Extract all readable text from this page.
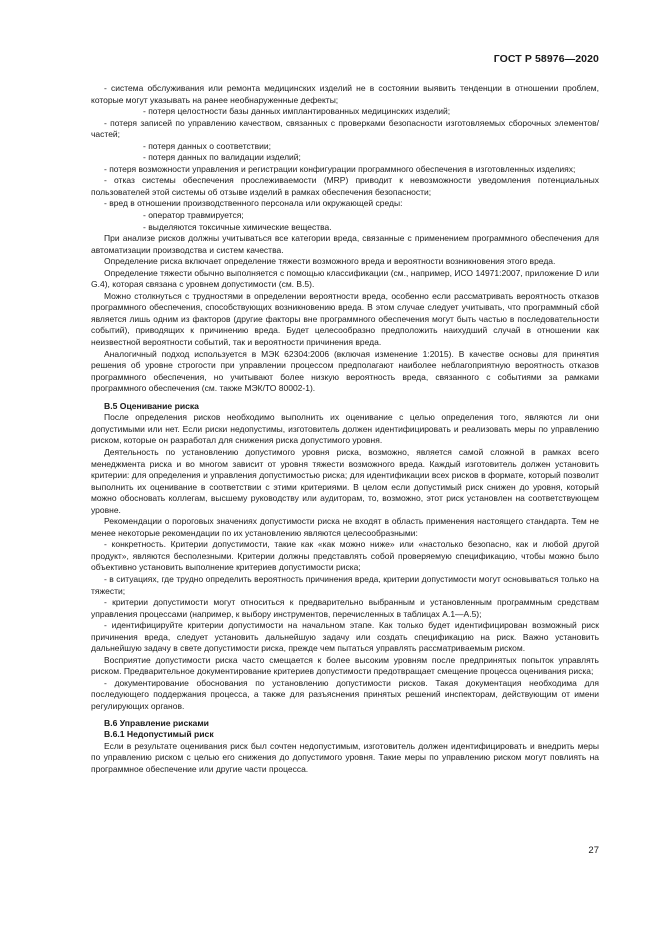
ГОСТ Р 58976—2020

- система обслуживания или ремонта медицинских изделий не в состоянии выявить тенденции в отношении проблем, которые могут указывать на ранее необнаруженные дефекты;

- потеря целостности базы данных имплантированных медицинских изделий;

- потеря записей по управлению качеством, связанных с проверками безопасности изготовляемых сборочных элементов/частей;

- потеря данных о соответствии;

- потеря данных по валидации изделий;

- потеря возможности управления и регистрации конфигурации программного обеспечения в изготовленных изделиях;

- отказ системы обеспечения прослеживаемости (MRP) приводит к невозможности уведомления потенциальных пользователей этой системы об отзыве изделий в рамках обеспечения безопасности;

- вред в отношении производственного персонала или окружающей среды:

- оператор травмируется;

- выделяются токсичные химические вещества.

При анализе рисков должны учитываться все категории вреда, связанные с применением программного обеспечения для автоматизации производства и систем качества.

Определение риска включает определение тяжести возможного вреда и вероятности возникновения этого вреда.

Определение тяжести обычно выполняется с помощью классификации (см., например, ИСО 14971:2007, приложение D или G.4), которая связана с уровнем допустимости (см. В.5).

Можно столкнуться с трудностями в определении вероятности вреда, особенно если рассматривать вероятность отказов программного обеспечения, способствующих возникновению вреда. В этом случае следует учитывать, что программный сбой является лишь одним из факторов (другие факторы вне программного обеспечения могут быть частью в последовательности событий), приводящих к причинению вреда. Будет целесообразно предположить наихудший случай в отношении как неизвестной вероятности событий, так и вероятности причинения вреда.

Аналогичный подход используется в МЭК 62304:2006 (включая изменение 1:2015). В качестве основы для принятия решения об уровне строгости при управлении процессом предполагают наиболее неблагоприятную вероятность отказов программного обеспечения, но учитывают более низкую вероятность вреда, связанного с событиями за рамками программного обеспечения (см. также МЭК/ТО 80002-1).

В.5 Оценивание риска

После определения рисков необходимо выполнить их оценивание с целью определения того, являются ли они допустимыми или нет. Если риски недопустимы, изготовитель должен идентифицировать и реализовать меры по управлению риском, которые он разработал для снижения риска допустимого уровня.

Деятельность по установлению допустимого уровня риска, возможно, является самой сложной в рамках всего менеджмента риска и во многом зависит от уровня тяжести возможного вреда. Каждый изготовитель должен установить критерии: для определения и управления допустимостью риска; для идентификации всех рисков в формате, который позволит выполнить их оценивание в соответствии с этими критериями. В целом если допустимый риск снижен до уровня, который можно обосновать коллегам, высшему руководству или аудиторам, то, возможно, этот риск установлен на соответствующем уровне.

Рекомендации о пороговых значениях допустимости риска не входят в область применения настоящего стандарта. Тем не менее некоторые рекомендации по их установлению являются целесообразными:

- конкретность. Критерии допустимости, такие как «как можно ниже» или «настолько безопасно, как и любой другой продукт», являются бесполезными. Критерии должны представлять собой проверяемую спецификацию, чтобы можно было объективно установить выполнение критериев допустимости риска;

- в ситуациях, где трудно определить вероятность причинения вреда, критерии допустимости могут основываться только на тяжести;

- критерии допустимости могут относиться к предварительно выбранным и установленным программным средствам управления процессами (например, к выбору инструментов, перечисленных в таблицах А.1—А.5);

- идентифицируйте критерии допустимости на начальном этапе. Как только будет идентифицирован возможный риск причинения вреда, следует установить дальнейшую задачу или создать спецификацию на риск. Важно установить дальнейшую задачу в свете допустимости риска, прежде чем пытаться управлять рассматриваемым риском.

Восприятие допустимости риска часто смещается к более высоким уровням после предпринятых попыток управлять риском. Предварительное документирование критериев допустимости предотвращает смещение процесса оценивания риска;

- документирование обоснования по установлению допустимости рисков. Такая документация необходима для последующего поддержания процесса, а также для разъяснения принятых решений инспекторам, действующим от имени регулирующих органов.

В.6 Управление рисками

В.6.1 Недопустимый риск

Если в результате оценивания риск был сочтен недопустимым, изготовитель должен идентифицировать и внедрить меры по управлению риском с целью его снижения до допустимого уровня. Такие меры по управлению риском могут повлиять на программное обеспечение или другие части процесса.

27
